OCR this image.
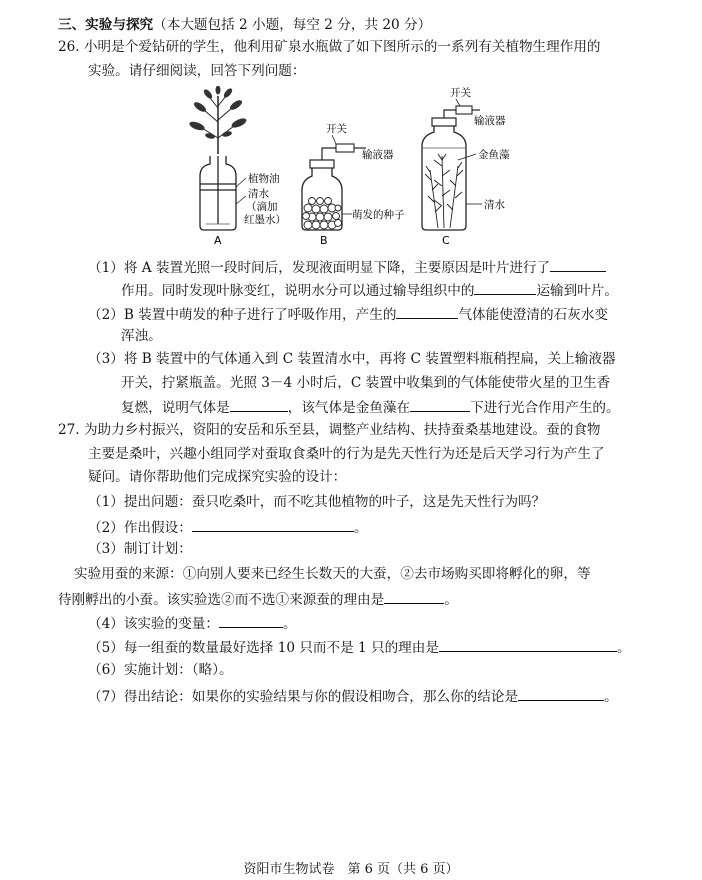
三、实验与探究（本大题包括 2 小题，每空 2 分，共 20 分）
26. 小明是个爱钻研的学生，他利用矿泉水瓶做了如下图所示的一系列有关植物生理作用的
实验。请仔细阅读，回答下列问题：
植物油
清水
（滴加
红墨水）
A
开关
输液器
萌发的种子
B
开关
输液器
金鱼藻
清水
C
（1）将 A 装置光照一段时间后，发现液面明显下降，主要原因是叶片进行了
作用。同时发现叶脉变红，说明水分可以通过输导组织中的	运输到叶片。
（2）B 装置中萌发的种子进行了呼吸作用，产生的	气体能使澄清的石灰水变
浑浊。
（3）将 B 装置中的气体通入到 C 装置清水中，再将 C 装置塑料瓶稍捏扁，关上输液器
开关，拧紧瓶盖。光照 3－4 小时后，C 装置中收集到的气体能使带火星的卫生香
复燃，说明气体是	，该气体是金鱼藻在	下进行光合作用产生的。
27. 为助力乡村振兴，资阳的安岳和乐至县，调整产业结构、扶持蚕桑基地建设。蚕的食物
主要是桑叶，兴趣小组同学对蚕取食桑叶的行为是先天性行为还是后天学习行为产生了
疑问。请你帮助他们完成探究实验的设计：
（1）提出问题：蚕只吃桑叶，而不吃其他植物的叶子，这是先天性行为吗？
（2）作出假设：	。
（3）制订计划：
实验用蚕的来源：①向别人要来已经生长数天的大蚕，②去市场购买即将孵化的卵，等
待刚孵出的小蚕。该实验选②而不选①来源蚕的理由是	。
（4）该实验的变量：	。
（5）每一组蚕的数量最好选择 10 只而不是 1 只的理由是	。
（6）实施计划：（略）。
（7）得出结论：如果你的实验结果与你的假设相吻合，那么你的结论是	。
资阳市生物试卷　第 6 页（共 6 页）
